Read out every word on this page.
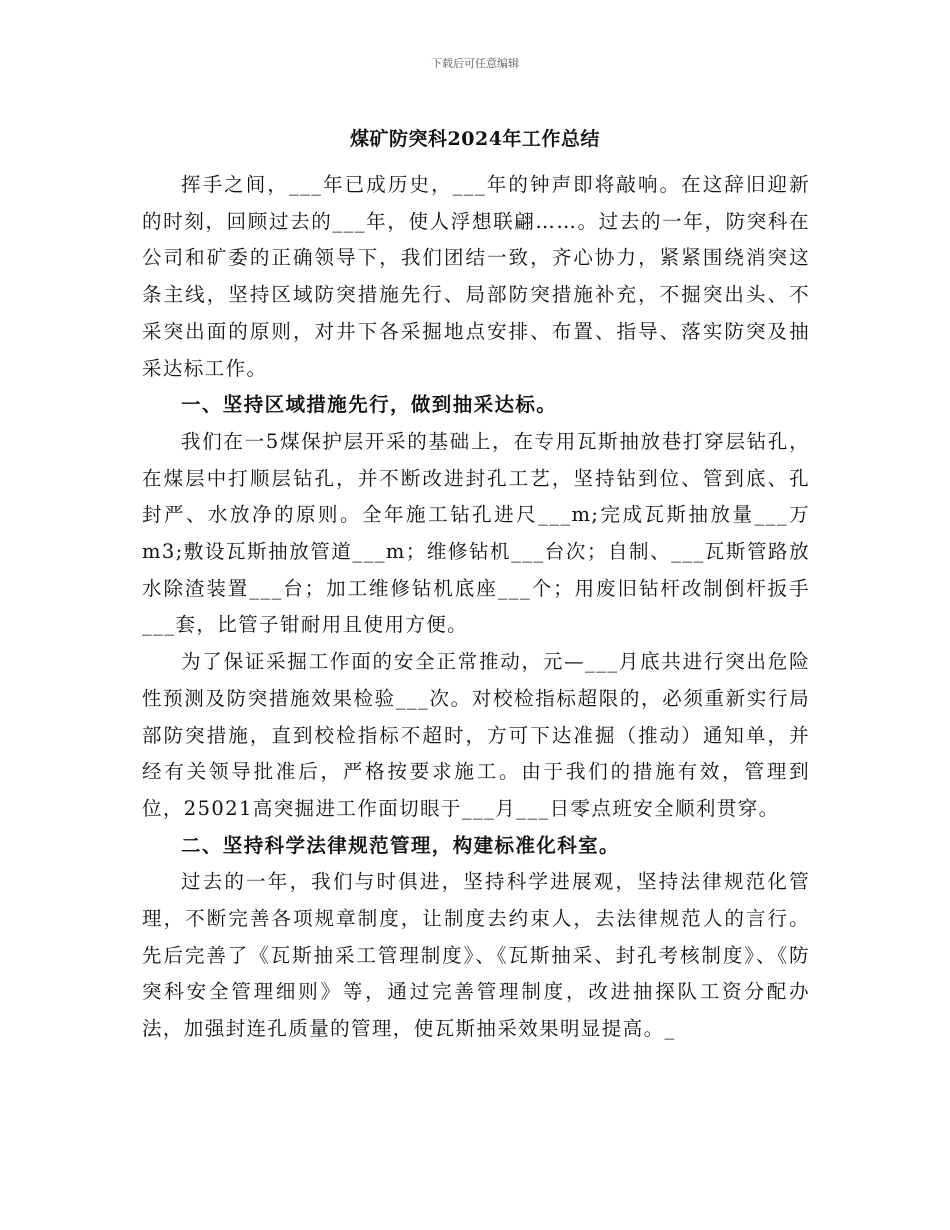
下载后可任意编辑
煤矿防突科2024年工作总结

挥手之间，___年已成历史，___年的钟声即将敲响。在这辞旧迎新的时刻，回顾过去的___年，使人浮想联翩……。过去的一年，防突科在公司和矿委的正确领导下，我们团结一致，齐心协力，紧紧围绕消突这条主线，坚持区域防突措施先行、局部防突措施补充，不掘突出头、不采突出面的原则，对井下各采掘地点安排、布置、指导、落实防突及抽采达标工作。

一、坚持区域措施先行，做到抽采达标。

我们在一5煤保护层开采的基础上，在专用瓦斯抽放巷打穿层钻孔，在煤层中打顺层钻孔，并不断改进封孔工艺，坚持钻到位、管到底、孔封严、水放净的原则。全年施工钻孔进尺___m;完成瓦斯抽放量___万m3;敷设瓦斯抽放管道___m；维修钻机___台次；自制、___瓦斯管路放水除渣装置___台；加工维修钻机底座___个；用废旧钻杆改制倒杆扳手___套，比管子钳耐用且使用方便。

为了保证采掘工作面的安全正常推动，元—___月底共进行突出危险性预测及防突措施效果检验___次。对校检指标超限的，必须重新实行局部防突措施，直到校检指标不超时，方可下达准掘（推动）通知单，并经有关领导批准后，严格按要求施工。由于我们的措施有效，管理到位，25021高突掘进工作面切眼于___月___日零点班安全顺利贯穿。

二、坚持科学法律规范管理，构建标准化科室。

过去的一年，我们与时俱进，坚持科学进展观，坚持法律规范化管理，不断完善各项规章制度，让制度去约束人，去法律规范人的言行。先后完善了《瓦斯抽采工管理制度》、《瓦斯抽采、封孔考核制度》、《防突科安全管理细则》等，通过完善管理制度，改进抽探队工资分配办法，加强封连孔质量的管理，使瓦斯抽采效果明显提高。_
